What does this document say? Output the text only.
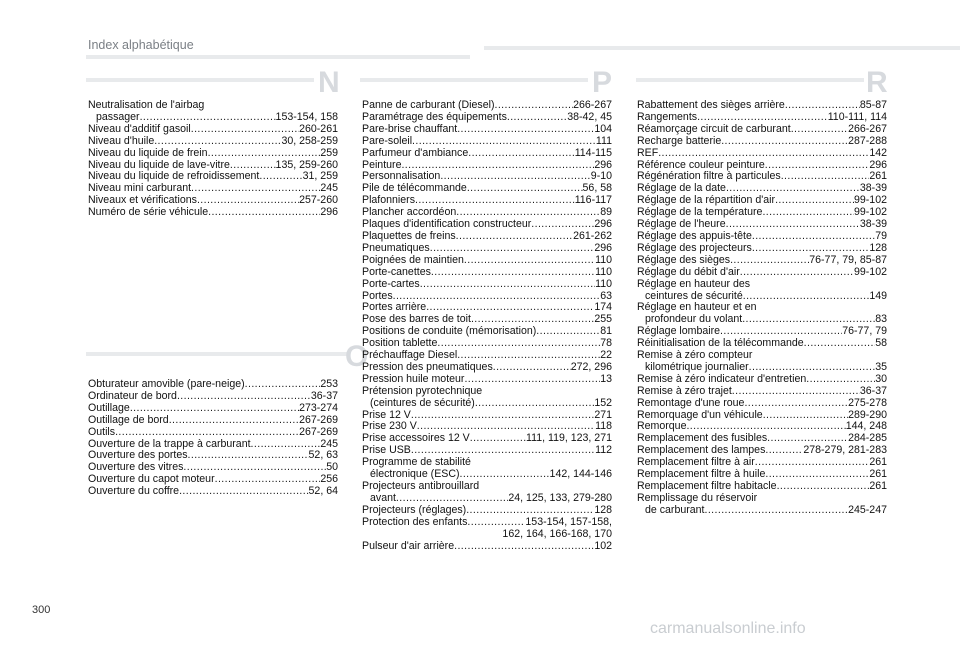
Index alphabétique
N
Neutralisation de l'airbag
passager .....	153-154, 158
Niveau d'additif gasoil .....	260-261
Niveau d'huile .....	30, 258-259
Niveau du liquide de frein .....	259
Niveau du liquide de lave-vitre .....	135, 259-260
Niveau du liquide de refroidissement .....	31, 259
Niveau mini carburant .....	245
Niveaux et vérifications .....	257-260
Numéro de série véhicule .....	296
O
Obturateur amovible (pare-neige) .....	253
Ordinateur de bord .....	36-37
Outillage .....	273-274
Outillage de bord .....	267-269
Outils .....	267-269
Ouverture de la trappe à carburant .....	245
Ouverture des portes .....	52, 63
Ouverture des vitres .....	50
Ouverture du capot moteur .....	256
Ouverture du coffre .....	52, 64
P
Panne de carburant (Diesel) .....	266-267
Paramétrage des équipements .....	38-42, 45
Pare-brise chauffant .....	104
Pare-soleil .....	111
Parfumeur d'ambiance .....	114-115
Peinture .....	296
Personnalisation .....	9-10
Pile de télécommande .....	56, 58
Plafonniers .....	116-117
Plancher accordéon .....	89
Plaques d'identification constructeur .....	296
Plaquettes de freins .....	261-262
Pneumatiques .....	296
Poignées de maintien .....	110
Porte-canettes .....	110
Porte-cartes .....	110
Portes .....	63
Portes arrière .....	174
Pose des barres de toit .....	255
Positions de conduite (mémorisation) .....	81
Position tablette .....	78
Préchauffage Diesel .....	22
Pression des pneumatiques .....	272, 296
Pression huile moteur .....	13
Prétension pyrotechnique
(ceintures de sécurité) .....	152
Prise 12 V .....	271
Prise 230 V .....	118
Prise accessoires 12 V .....	111, 119, 123, 271
Prise USB .....	112
Programme de stabilité
électronique (ESC) .....	142, 144-146
Projecteurs antibrouillard
avant .....	24, 125, 133, 279-280
Projecteurs (réglages) .....	128
Protection des enfants .....	153-154, 157-158,
162, 164, 166-168, 170
Pulseur d'air arrière .....	102
R
Rabattement des sièges arrière .....	85-87
Rangements .....	110-111, 114
Réamorçage circuit de carburant .....	266-267
Recharge batterie .....	287-288
REF .....	142
Référence couleur peinture .....	296
Régénération filtre à particules .....	261
Réglage de la date .....	38-39
Réglage de la répartition d'air .....	99-102
Réglage de la température .....	99-102
Réglage de l'heure .....	38-39
Réglage des appuis-tête .....	79
Réglage des projecteurs .....	128
Réglage des sièges .....	76-77, 79, 85-87
Réglage du débit d'air .....	99-102
Réglage en hauteur des
ceintures de sécurité .....	149
Réglage en hauteur et en
profondeur du volant .....	83
Réglage lombaire .....	76-77, 79
Réinitialisation de la télécommande .....	58
Remise à zéro compteur
kilométrique journalier .....	35
Remise à zéro indicateur d'entretien .....	30
Remise à zéro trajet .....	36-37
Remontage d'une roue .....	275-278
Remorquage d'un véhicule .....	289-290
Remorque .....	144, 248
Remplacement des fusibles .....	284-285
Remplacement des lampes .....	278-279, 281-283
Remplacement filtre à air .....	261
Remplacement filtre à huile .....	261
Remplacement filtre habitacle .....	261
Remplissage du réservoir
de carburant .....	245-247
300
carmanualsonline.info
